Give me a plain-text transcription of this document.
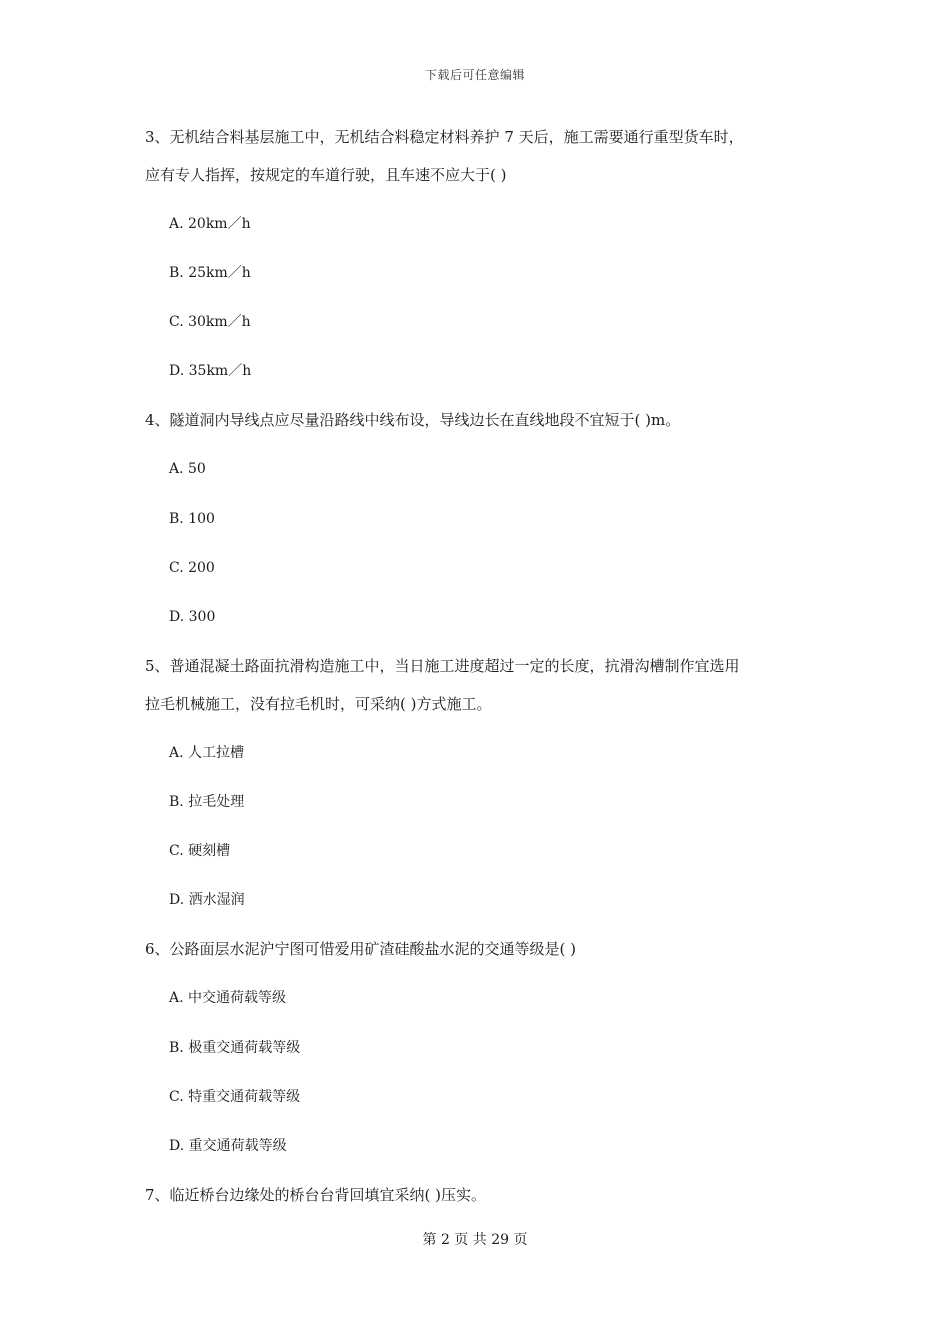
下载后可任意编辑
3、无机结合料基层施工中，无机结合料稳定材料养护 7 天后，施工需要通行重型货车时，
应有专人指挥，按规定的车道行驶，且车速不应大于( )
A. 20km／h
B. 25km／h
C. 30km／h
D. 35km／h
4、隧道洞内导线点应尽量沿路线中线布设，导线边长在直线地段不宜短于( )m。
A. 50
B. 100
C. 200
D. 300
5、普通混凝土路面抗滑构造施工中，当日施工进度超过一定的长度，抗滑沟槽制作宜选用
拉毛机械施工，没有拉毛机时，可采纳( )方式施工。
A. 人工拉槽
B. 拉毛处理
C. 硬刻槽
D. 洒水湿润
6、公路面层水泥沪宁图可惜爱用矿渣硅酸盐水泥的交通等级是( )
A. 中交通荷载等级
B. 极重交通荷载等级
C. 特重交通荷载等级
D. 重交通荷载等级
7、临近桥台边缘处的桥台台背回填宜采纳( )压实。
第 2 页 共 29 页
